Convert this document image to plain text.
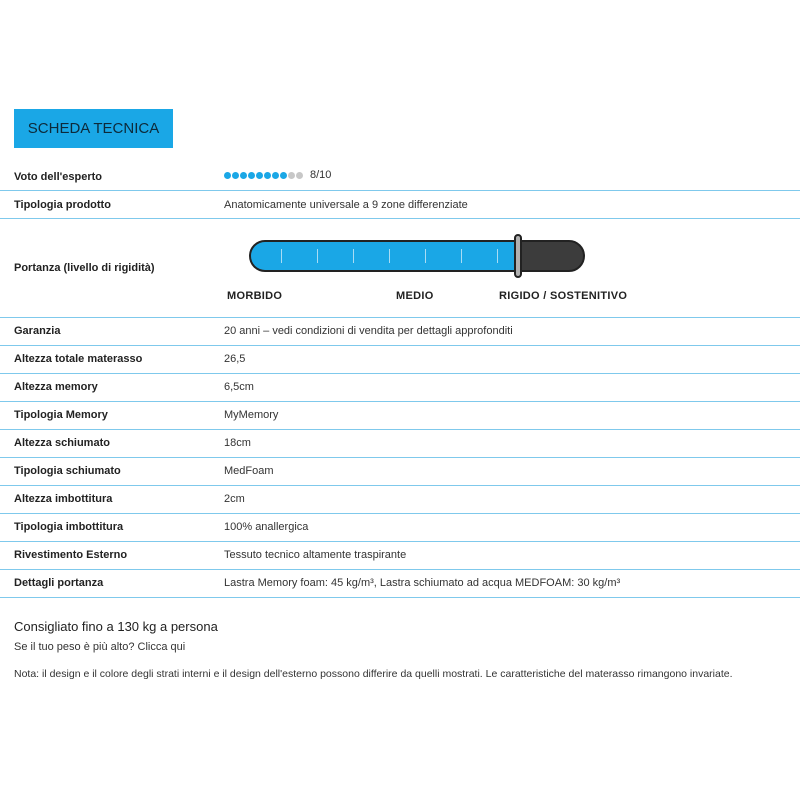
SCHEDA TECNICA
Voto dell'esperto	8/10
Tipologia prodotto	Anatomicamente universale a 9 zone differenziate
Portanza (livello di rigidità)
MORBIDO	MEDIO	RIGIDO / SOSTENITIVO
Garanzia	20 anni – vedi condizioni di vendita per dettagli approfonditi
Altezza totale materasso	26,5
Altezza memory	6,5cm
Tipologia Memory	MyMemory
Altezza schiumato	18cm
Tipologia schiumato	MedFoam
Altezza imbottitura	2cm
Tipologia imbottitura	100% anallergica
Rivestimento Esterno	Tessuto tecnico altamente traspirante
Dettagli portanza	Lastra Memory foam: 45 kg/m³, Lastra schiumato ad acqua MEDFOAM: 30 kg/m³
Consigliato fino a 130 kg a persona
Se il tuo peso è più alto? Clicca qui
Nota: il design e il colore degli strati interni e il design dell'esterno possono differire da quelli mostrati. Le caratteristiche del materasso rimangono invariate.
